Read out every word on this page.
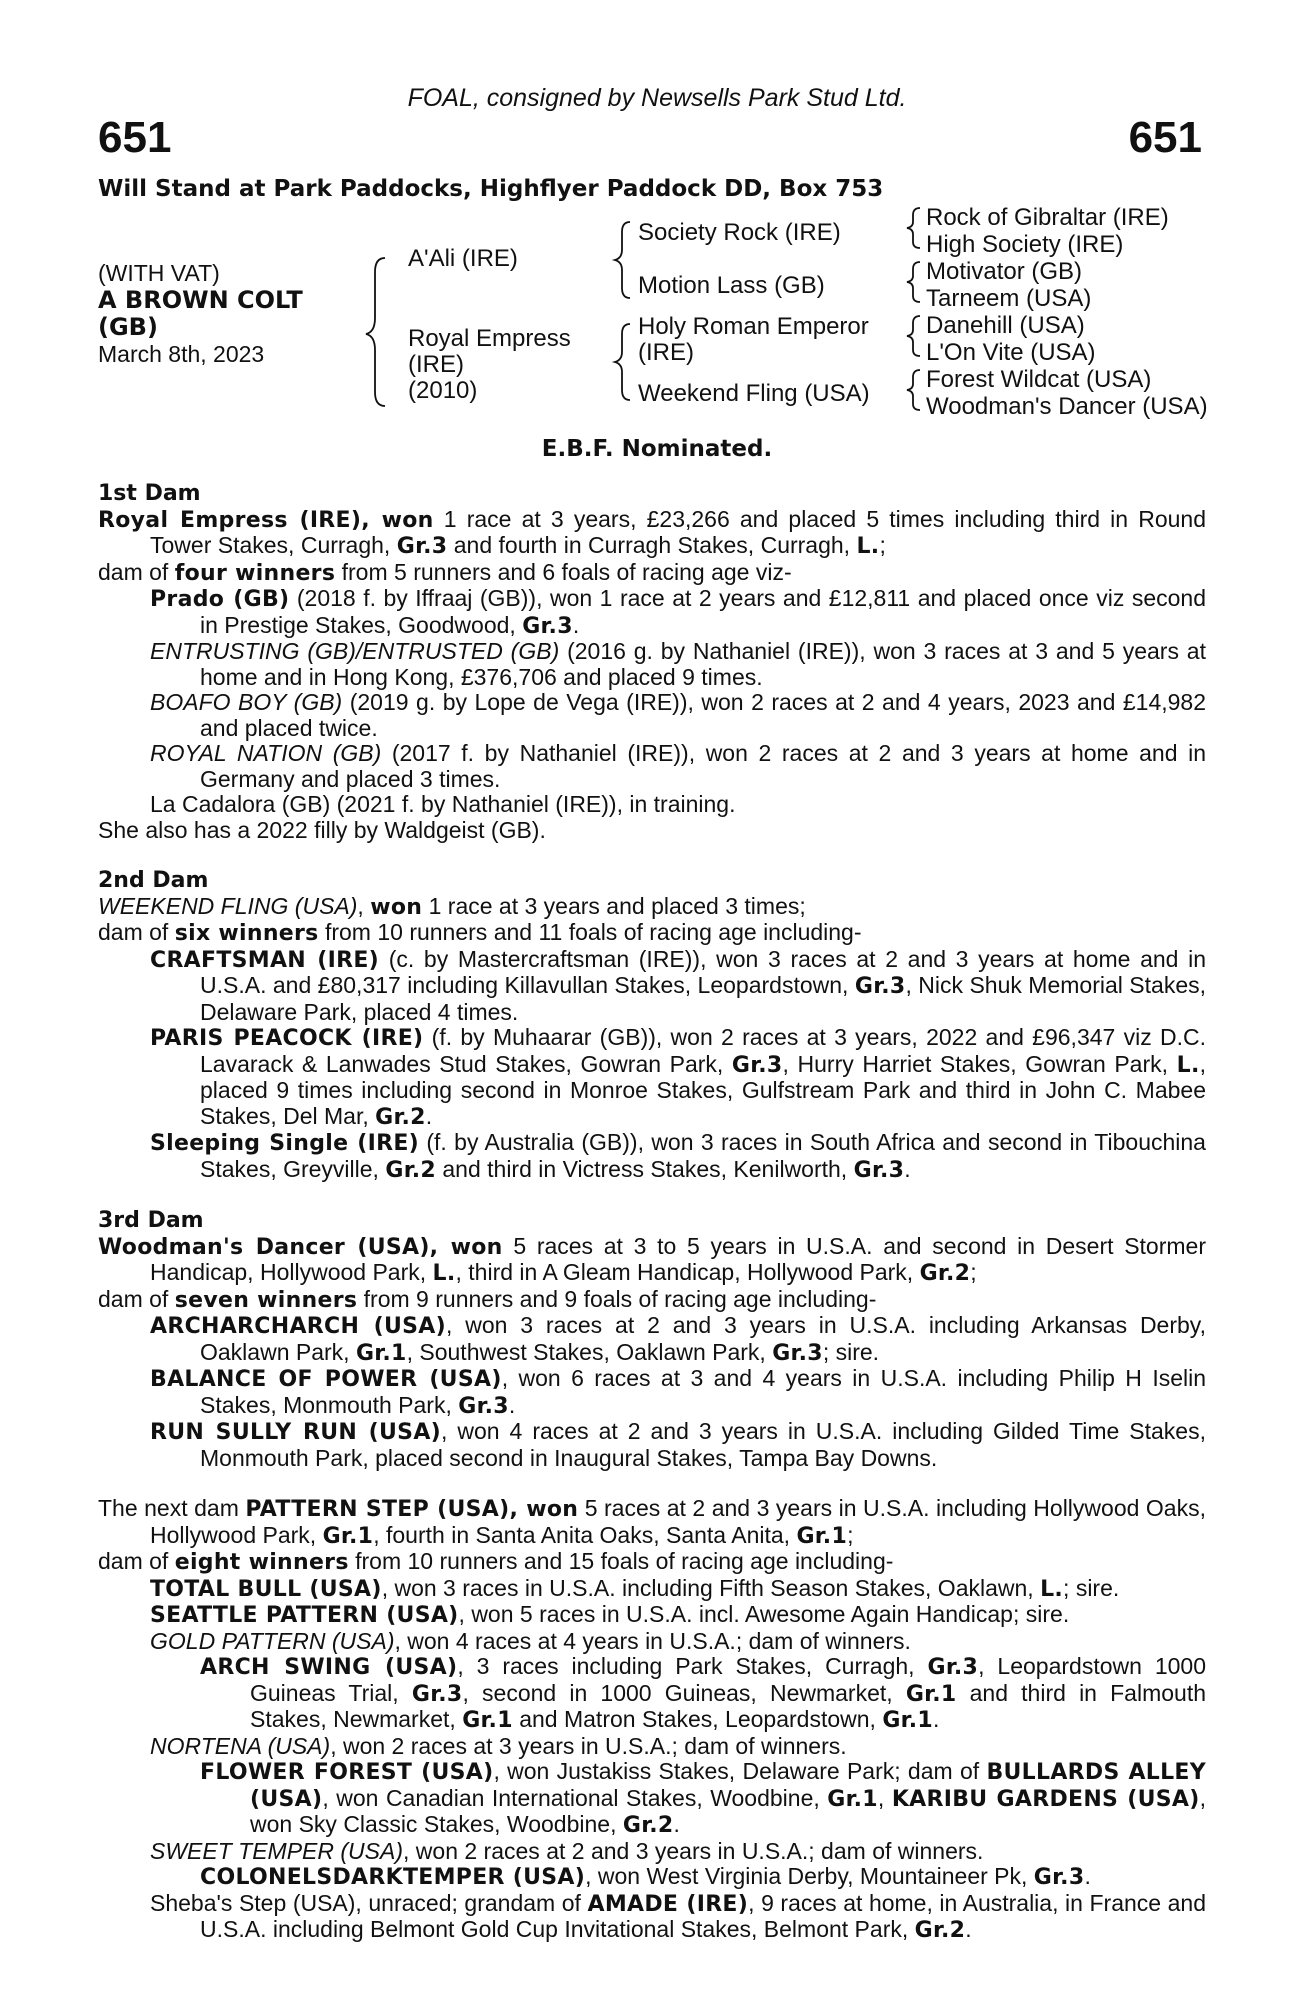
FOAL, consigned by Newsells Park Stud Ltd.
651	651
Will Stand at Park Paddocks, Highflyer Paddock DD, Box 753
(WITH VAT)
A BROWN COLT
(GB)
March 8th, 2023
A'Ali (IRE)
Royal Empress
(IRE)
(2010)
Society Rock (IRE)
Motion Lass (GB)
Holy Roman Emperor
(IRE)
Weekend Fling (USA)
Rock of Gibraltar (IRE)
High Society (IRE)
Motivator (GB)
Tarneem (USA)
Danehill (USA)
L'On Vite (USA)
Forest Wildcat (USA)
Woodman's Dancer (USA)
E.B.F. Nominated.

1st Dam

Royal Empress (IRE), won 1 race at 3 years, £23,266 and placed 5 times including third in Round Tower Stakes, Curragh, Gr.3 and fourth in Curragh Stakes, Curragh, L.;

dam of four winners from 5 runners and 6 foals of racing age viz-

Prado (GB) (2018 f. by Iffraaj (GB)), won 1 race at 2 years and £12,811 and placed once viz second in Prestige Stakes, Goodwood, Gr.3.

ENTRUSTING (GB)/ENTRUSTED (GB) (2016 g. by Nathaniel (IRE)), won 3 races at 3 and 5 years at home and in Hong Kong, £376,706 and placed 9 times.

BOAFO BOY (GB) (2019 g. by Lope de Vega (IRE)), won 2 races at 2 and 4 years, 2023 and £14,982 and placed twice.

ROYAL NATION (GB) (2017 f. by Nathaniel (IRE)), won 2 races at 2 and 3 years at home and in Germany and placed 3 times.

La Cadalora (GB) (2021 f. by Nathaniel (IRE)), in training.

She also has a 2022 filly by Waldgeist (GB).

2nd Dam

WEEKEND FLING (USA), won 1 race at 3 years and placed 3 times;

dam of six winners from 10 runners and 11 foals of racing age including-

CRAFTSMAN (IRE) (c. by Mastercraftsman (IRE)), won 3 races at 2 and 3 years at home and in U.S.A. and £80,317 including Killavullan Stakes, Leopardstown, Gr.3, Nick Shuk Memorial Stakes, Delaware Park, placed 4 times.

PARIS PEACOCK (IRE) (f. by Muhaarar (GB)), won 2 races at 3 years, 2022 and £96,347 viz D.C. Lavarack & Lanwades Stud Stakes, Gowran Park, Gr.3, Hurry Harriet Stakes, Gowran Park, L., placed 9 times including second in Monroe Stakes, Gulfstream Park and third in John C. Mabee Stakes, Del Mar, Gr.2.

Sleeping Single (IRE) (f. by Australia (GB)), won 3 races in South Africa and second in Tibouchina Stakes, Greyville, Gr.2 and third in Victress Stakes, Kenilworth, Gr.3.

3rd Dam

Woodman's Dancer (USA), won 5 races at 3 to 5 years in U.S.A. and second in Desert Stormer Handicap, Hollywood Park, L., third in A Gleam Handicap, Hollywood Park, Gr.2;

dam of seven winners from 9 runners and 9 foals of racing age including-

ARCHARCHARCH (USA), won 3 races at 2 and 3 years in U.S.A. including Arkansas Derby, Oaklawn Park, Gr.1, Southwest Stakes, Oaklawn Park, Gr.3; sire.

BALANCE OF POWER (USA), won 6 races at 3 and 4 years in U.S.A. including Philip H Iselin Stakes, Monmouth Park, Gr.3.

RUN SULLY RUN (USA), won 4 races at 2 and 3 years in U.S.A. including Gilded Time Stakes, Monmouth Park, placed second in Inaugural Stakes, Tampa Bay Downs.

The next dam PATTERN STEP (USA), won 5 races at 2 and 3 years in U.S.A. including Hollywood Oaks, Hollywood Park, Gr.1, fourth in Santa Anita Oaks, Santa Anita, Gr.1;

dam of eight winners from 10 runners and 15 foals of racing age including-

TOTAL BULL (USA), won 3 races in U.S.A. including Fifth Season Stakes, Oaklawn, L.; sire.

SEATTLE PATTERN (USA), won 5 races in U.S.A. incl. Awesome Again Handicap; sire.

GOLD PATTERN (USA), won 4 races at 4 years in U.S.A.; dam of winners.

ARCH SWING (USA), 3 races including Park Stakes, Curragh, Gr.3, Leopardstown 1000 Guineas Trial, Gr.3, second in 1000 Guineas, Newmarket, Gr.1 and third in Falmouth Stakes, Newmarket, Gr.1 and Matron Stakes, Leopardstown, Gr.1.

NORTENA (USA), won 2 races at 3 years in U.S.A.; dam of winners.

FLOWER FOREST (USA), won Justakiss Stakes, Delaware Park; dam of BULLARDS ALLEY (USA), won Canadian International Stakes, Woodbine, Gr.1, KARIBU GARDENS (USA), won Sky Classic Stakes, Woodbine, Gr.2.

SWEET TEMPER (USA), won 2 races at 2 and 3 years in U.S.A.; dam of winners.

COLONELSDARKTEMPER (USA), won West Virginia Derby, Mountaineer Pk, Gr.3.

Sheba's Step (USA), unraced; grandam of AMADE (IRE), 9 races at home, in Australia, in France and U.S.A. including Belmont Gold Cup Invitational Stakes, Belmont Park, Gr.2.
